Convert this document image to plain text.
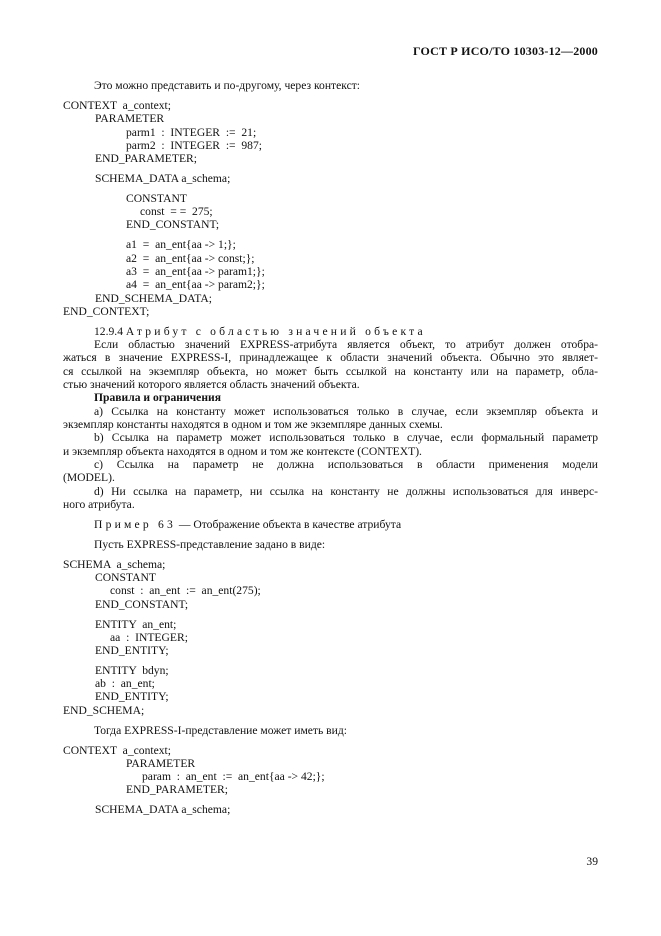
ГОСТ Р ИСО/ТО 10303-12—2000
Это можно представить и по-другому, через контекст:
CONTEXT  a_context;
PARAMETER
parm1  :  INTEGER  :=  21;
parm2  :  INTEGER  :=  987;
END_PARAMETER;
SCHEMA_DATA a_schema;
CONSTANT
const  = =  275;
END_CONSTANT;
a1  =  an_ent{aa -> 1;};
a2  =  an_ent{aa -> const;};
a3  =  an_ent{aa -> param1;};
a4  =  an_ent{aa -> param2;};
END_SCHEMA_DATA;
END_CONTEXT;
12.9.4 Атрибут с областью значений объекта
Если областью значений EXPRESS-атрибута является объект, то атрибут должен отобра-
жаться в значение EXPRESS-I, принадлежащее к области значений объекта. Обычно это являет-
ся ссылкой на экземпляр объекта, но может быть ссылкой на константу или на параметр, обла-
стью значений которого является область значений объекта.
Правила и ограничения
a) Ссылка на константу может использоваться только в случае, если экземпляр объекта и
экземпляр константы находятся в одном и том же экземпляре данных схемы.
b) Ссылка на параметр может использоваться только в случае, если формальный параметр
и экземпляр объекта находятся в одном и том же контексте (CONTEXT).
c) Ссылка на параметр не должна использоваться в области применения модели
(MODEL).
d) Ни ссылка на параметр, ни ссылка на константу не должны использоваться для инверс-
ного атрибута.
Пример 63 — Отображение объекта в качестве атрибута
Пусть EXPRESS-представление задано в виде:
SCHEMA  a_schema;
CONSTANT
const  :  an_ent  :=  an_ent(275);
END_CONSTANT;
ENTITY  an_ent;
aa  :  INTEGER;
END_ENTITY;
ENTITY  bdyn;
ab  :  an_ent;
END_ENTITY;
END_SCHEMA;
Тогда EXPRESS-I-представление может иметь вид:
CONTEXT  a_context;
PARAMETER
param  :  an_ent  :=  an_ent{aa -> 42;};
END_PARAMETER;
SCHEMA_DATA a_schema;
39
